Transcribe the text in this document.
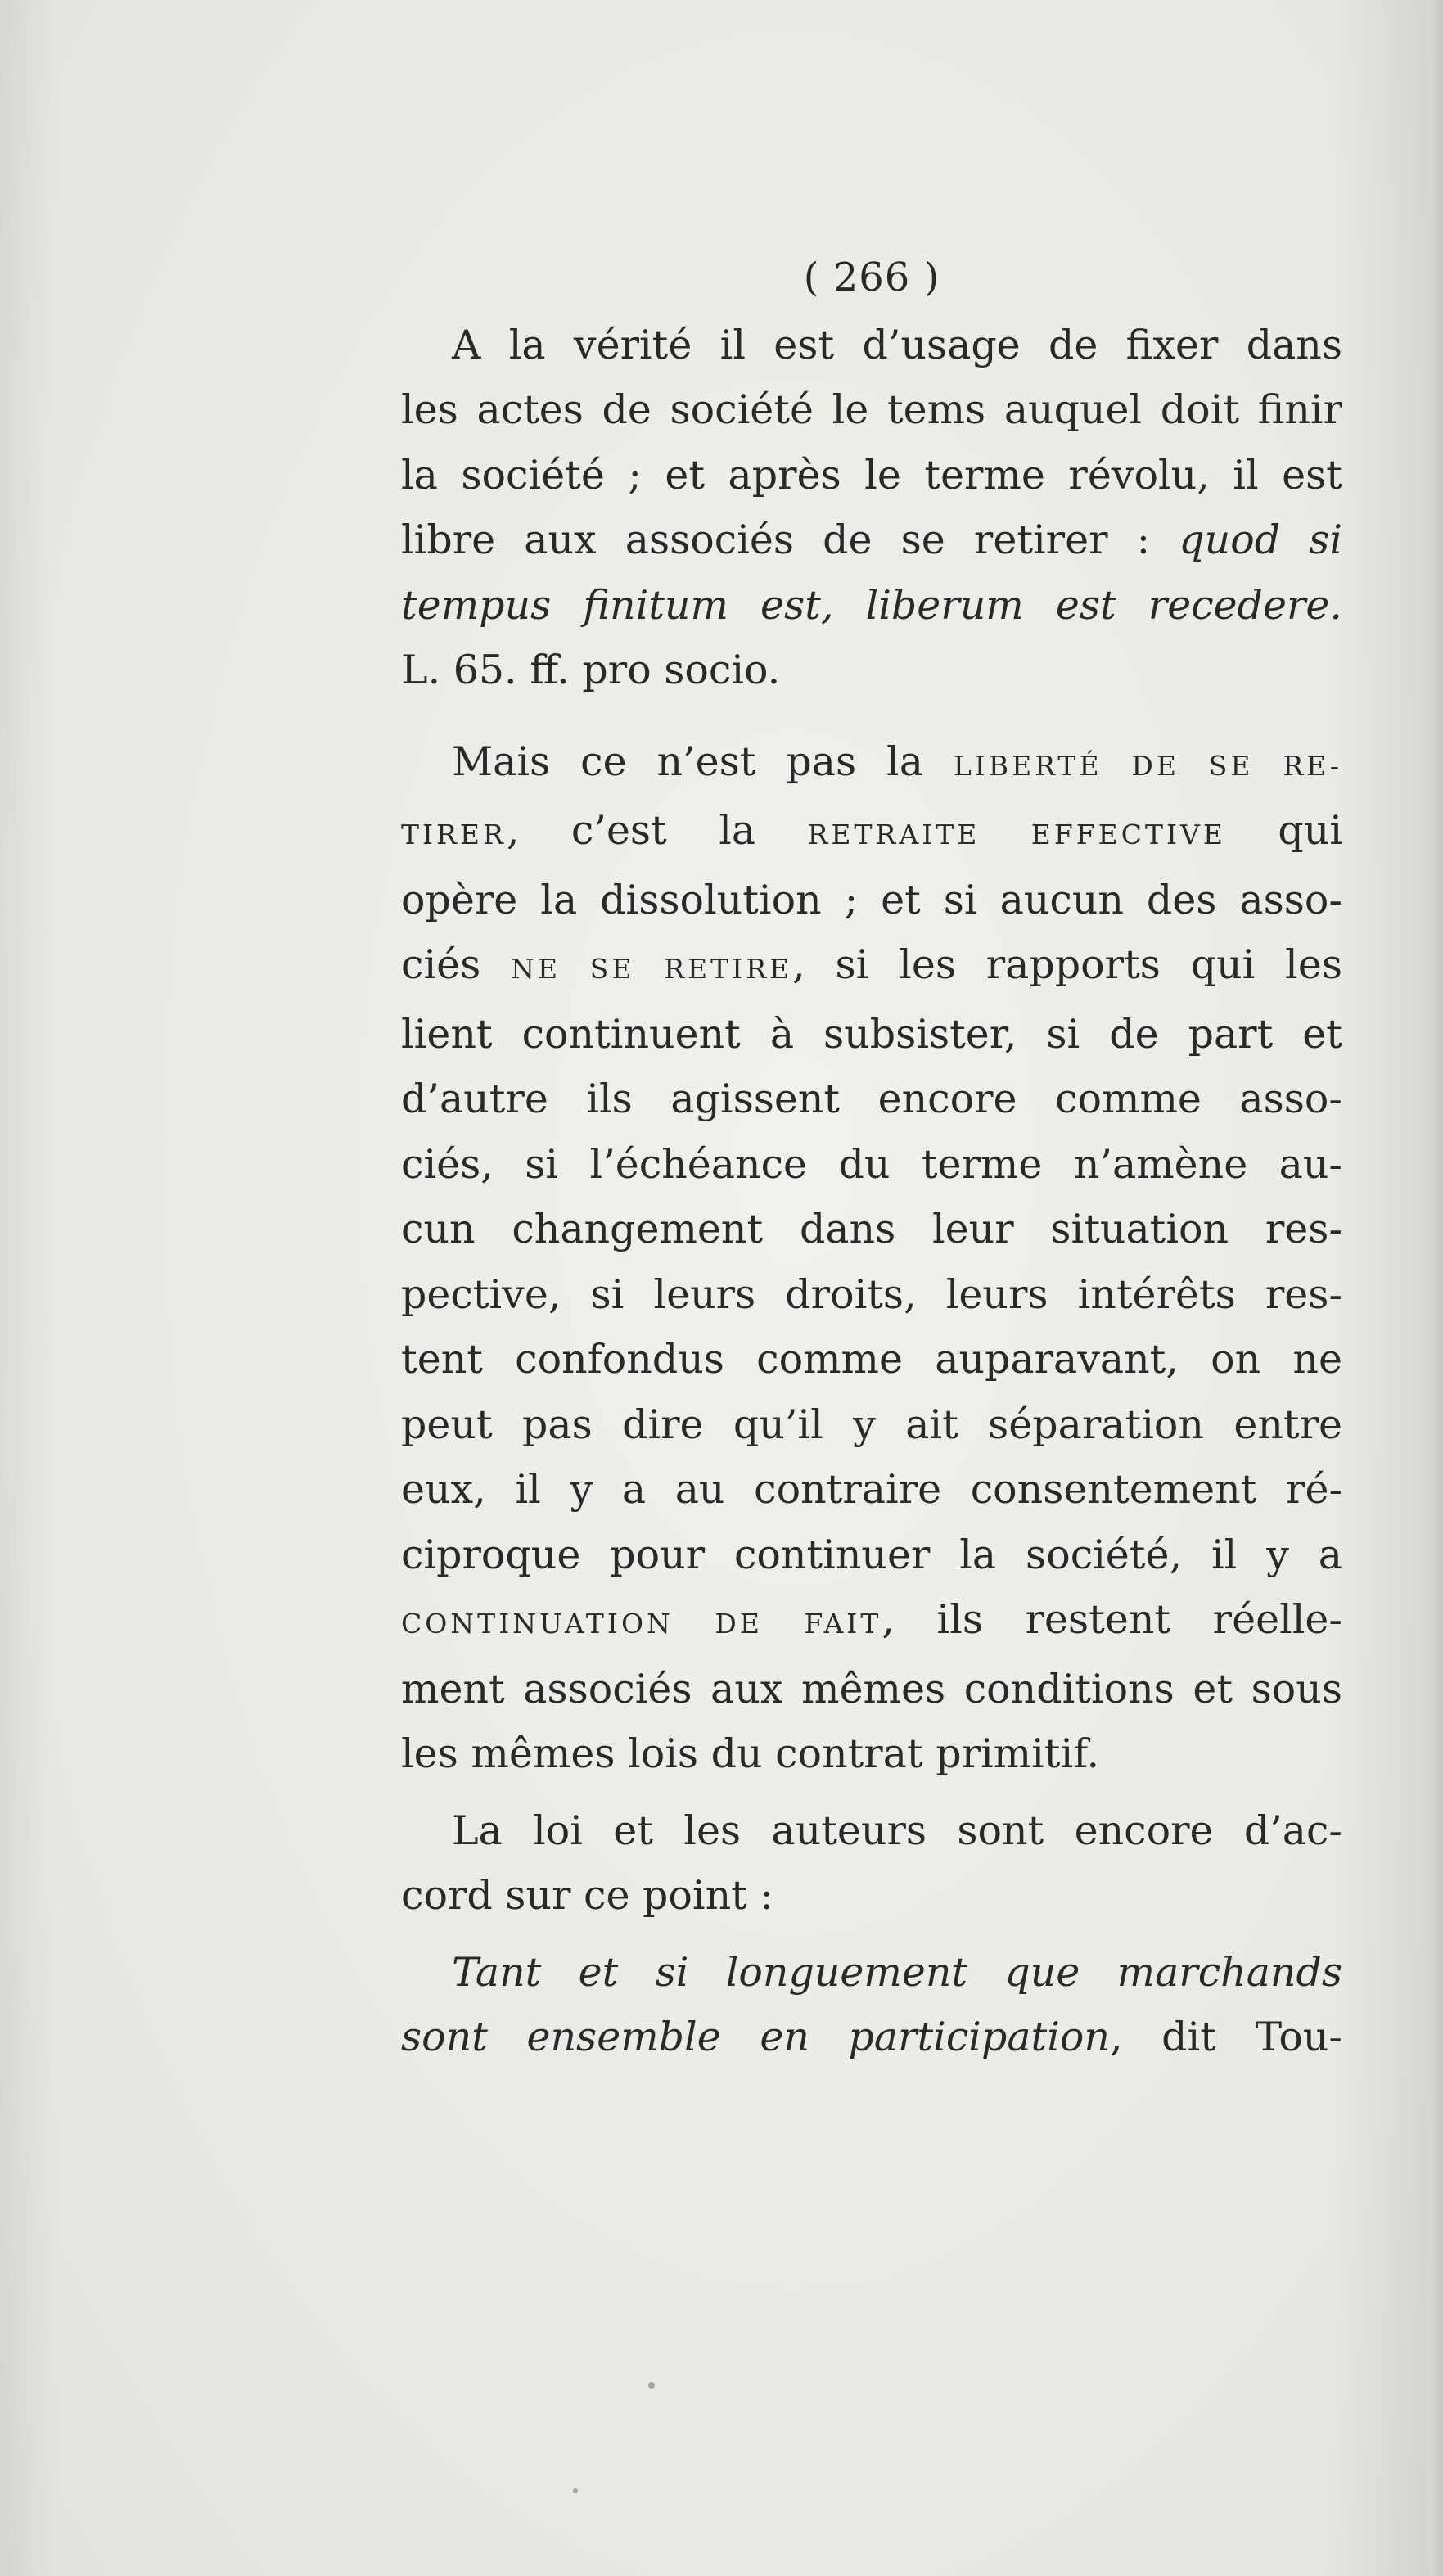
( 266 )
A la vérité il est d’usage de fixer dans
les actes de société le tems auquel doit finir
la société ; et après le terme révolu, il est
libre aux associés de se retirer : quod si
tempus finitum est, liberum est recedere.
L. 65. ff. pro socio.
Mais ce n’est pas la LIBERTÉ DE SE RE-
TIRER, c’est la RETRAITE EFFECTIVE qui
opère la dissolution ; et si aucun des asso-
ciés NE SE RETIRE, si les rapports qui les
lient continuent à subsister, si de part et
d’autre ils agissent encore comme asso-
ciés, si l’échéance du terme n’amène au-
cun changement dans leur situation res-
pective, si leurs droits, leurs intérêts res-
tent confondus comme auparavant, on ne
peut pas dire qu’il y ait séparation entre
eux, il y a au contraire consentement ré-
ciproque pour continuer la société, il y a
CONTINUATION DE FAIT, ils restent réelle-
ment associés aux mêmes conditions et sous
les mêmes lois du contrat primitif.
La loi et les auteurs sont encore d’ac-
cord sur ce point :
Tant et si longuement que marchands
sont ensemble en participation, dit Tou-
